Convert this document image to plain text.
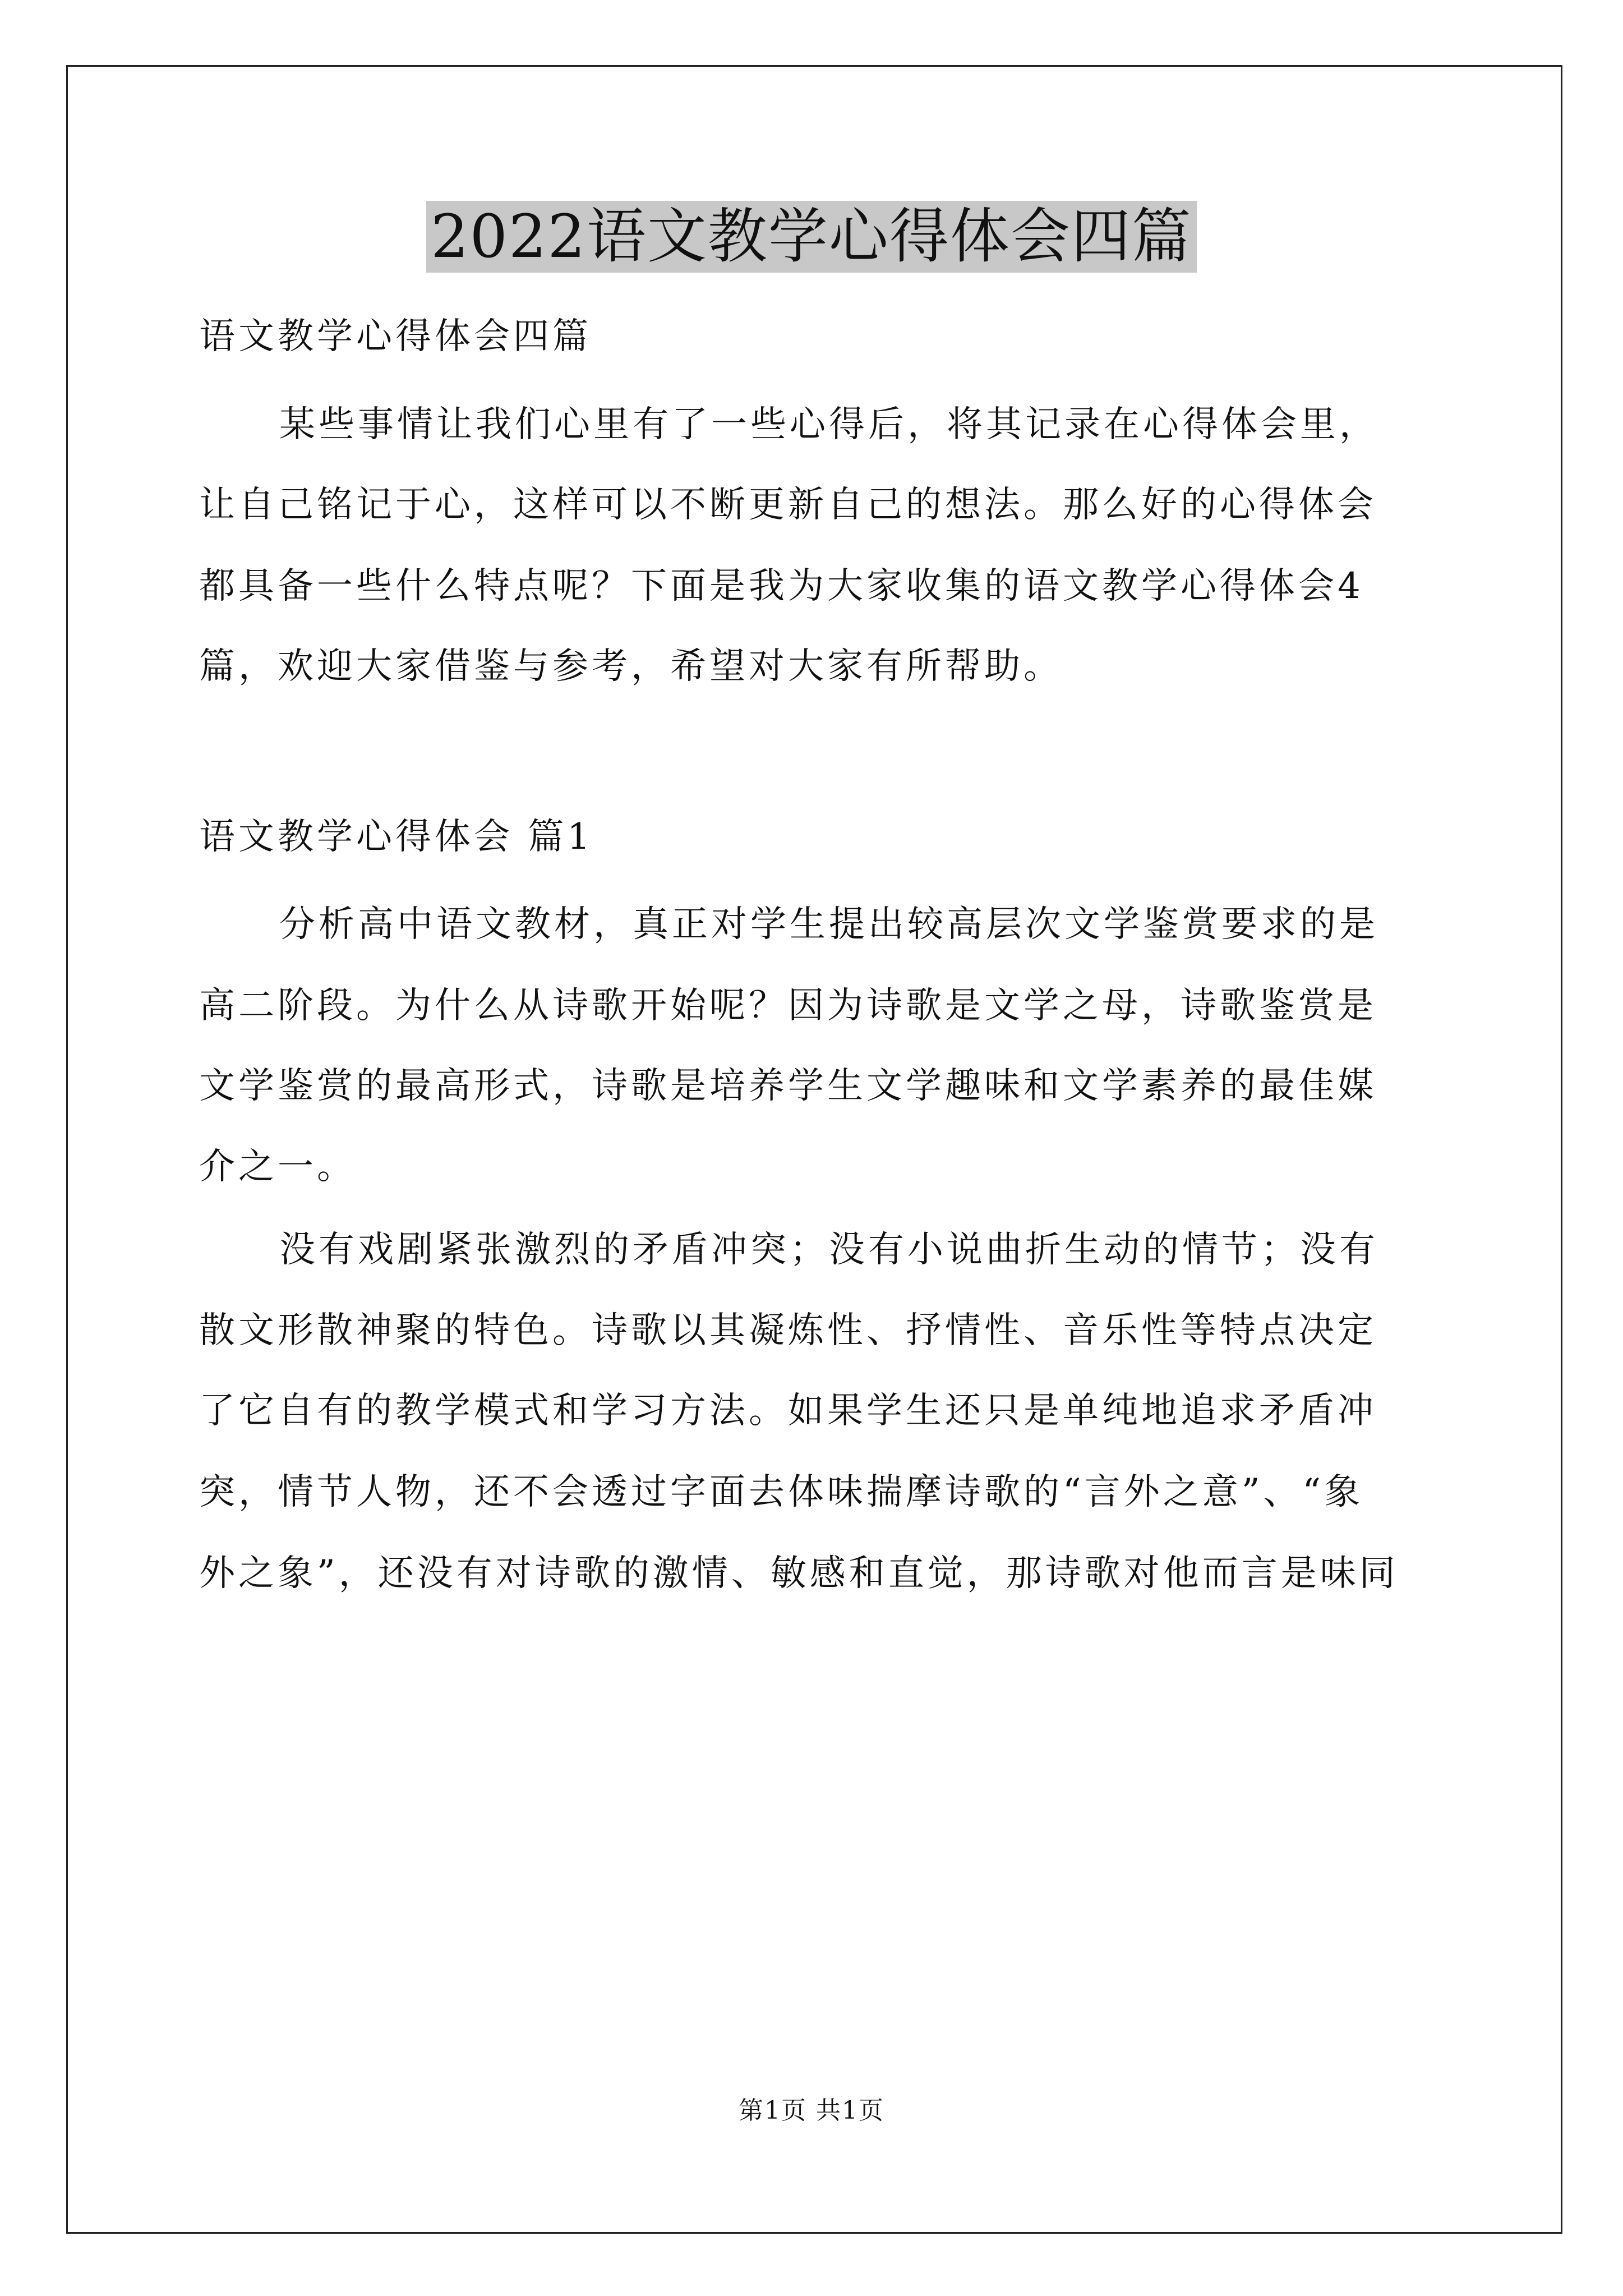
2022语文教学心得体会四篇
语文教学心得体会四篇
某些事情让我们心里有了一些心得后，将其记录在心得体会里，
让自己铭记于心，这样可以不断更新自己的想法。那么好的心得体会
都具备一些什么特点呢？下面是我为大家收集的语文教学心得体会4
篇，欢迎大家借鉴与参考，希望对大家有所帮助。
语文教学心得体会 篇1
分析高中语文教材，真正对学生提出较高层次文学鉴赏要求的是
高二阶段。为什么从诗歌开始呢？因为诗歌是文学之母，诗歌鉴赏是
文学鉴赏的最高形式，诗歌是培养学生文学趣味和文学素养的最佳媒
介之一。
没有戏剧紧张激烈的矛盾冲突；没有小说曲折生动的情节；没有
散文形散神聚的特色。诗歌以其凝炼性、抒情性、音乐性等特点决定
了它自有的教学模式和学习方法。如果学生还只是单纯地追求矛盾冲
突，情节人物，还不会透过字面去体味揣摩诗歌的“言外之意”、“象
外之象”，还没有对诗歌的激情、敏感和直觉，那诗歌对他而言是味同
第1页 共1页
